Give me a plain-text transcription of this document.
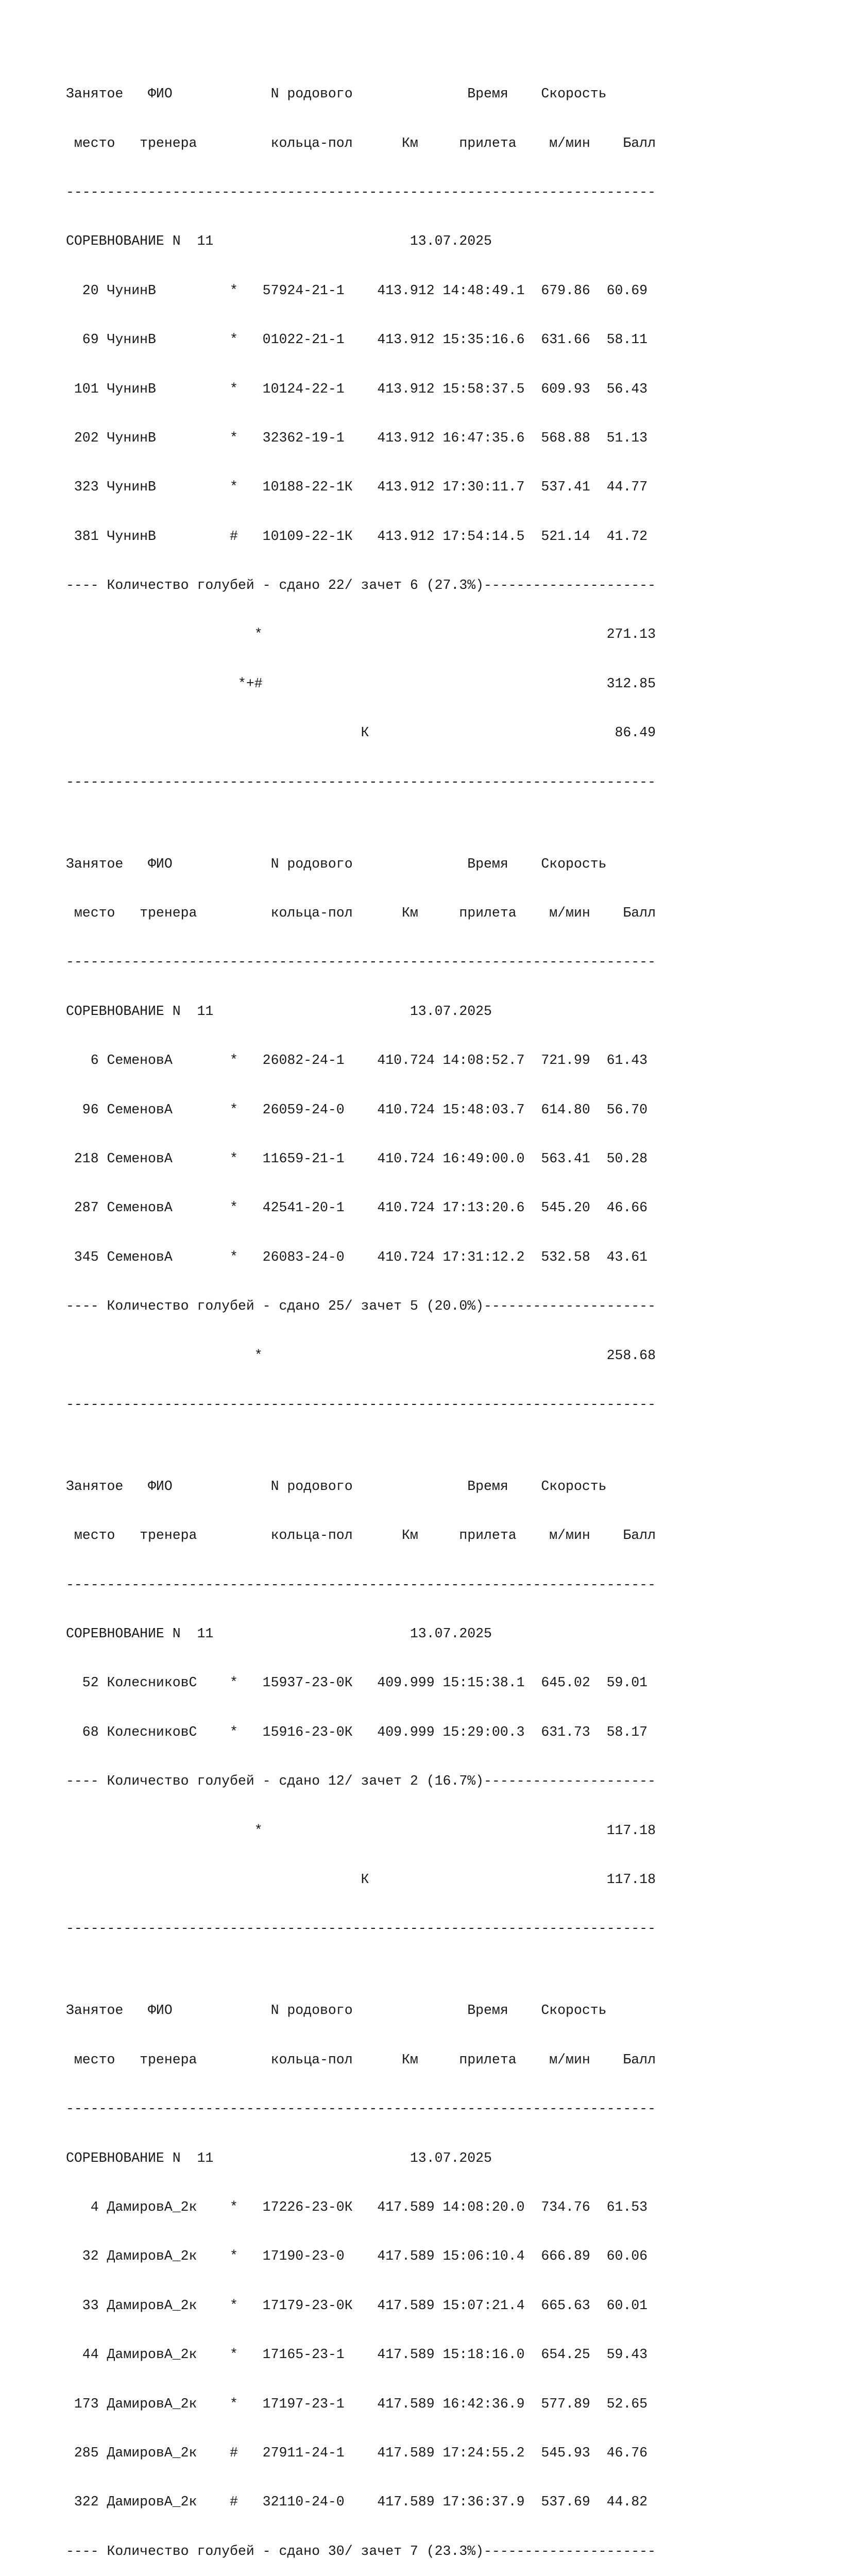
Занятое   ФИО            N родового              Время    Скорость

место   тренера         кольца-пол      Км     прилета    м/мин    Балл

------------------------------------------------------------------------

СОРЕВНОВАНИЕ N  11                        13.07.2025

20 ЧунинВ         *   57924-21-1    413.912 14:48:49.1  679.86  60.69

69 ЧунинВ         *   01022-21-1    413.912 15:35:16.6  631.66  58.11

101 ЧунинВ         *   10124-22-1    413.912 15:58:37.5  609.93  56.43

202 ЧунинВ         *   32362-19-1    413.912 16:47:35.6  568.88  51.13

323 ЧунинВ         *   10188-22-1К   413.912 17:30:11.7  537.41  44.77

381 ЧунинВ         #   10109-22-1К   413.912 17:54:14.5  521.14  41.72

---- Количество голубей - сдано 22/ зачет 6 (27.3%)---------------------

*                                          271.13

*+#                                          312.85

К                              86.49

------------------------------------------------------------------------

Занятое   ФИО            N родового              Время    Скорость

место   тренера         кольца-пол      Км     прилета    м/мин    Балл

------------------------------------------------------------------------

СОРЕВНОВАНИЕ N  11                        13.07.2025

6 СеменовА       *   26082-24-1    410.724 14:08:52.7  721.99  61.43

96 СеменовА       *   26059-24-0    410.724 15:48:03.7  614.80  56.70

218 СеменовА       *   11659-21-1    410.724 16:49:00.0  563.41  50.28

287 СеменовА       *   42541-20-1    410.724 17:13:20.6  545.20  46.66

345 СеменовА       *   26083-24-0    410.724 17:31:12.2  532.58  43.61

---- Количество голубей - сдано 25/ зачет 5 (20.0%)---------------------

*                                          258.68

------------------------------------------------------------------------

Занятое   ФИО            N родового              Время    Скорость

место   тренера         кольца-пол      Км     прилета    м/мин    Балл

------------------------------------------------------------------------

СОРЕВНОВАНИЕ N  11                        13.07.2025

52 КолесниковС    *   15937-23-0К   409.999 15:15:38.1  645.02  59.01

68 КолесниковС    *   15916-23-0К   409.999 15:29:00.3  631.73  58.17

---- Количество голубей - сдано 12/ зачет 2 (16.7%)---------------------

*                                          117.18

К                             117.18

------------------------------------------------------------------------

Занятое   ФИО            N родового              Время    Скорость

место   тренера         кольца-пол      Км     прилета    м/мин    Балл

------------------------------------------------------------------------

СОРЕВНОВАНИЕ N  11                        13.07.2025

4 ДамировА_2к    *   17226-23-0К   417.589 14:08:20.0  734.76  61.53

32 ДамировА_2к    *   17190-23-0    417.589 15:06:10.4  666.89  60.06

33 ДамировА_2к    *   17179-23-0К   417.589 15:07:21.4  665.63  60.01

44 ДамировА_2к    *   17165-23-1    417.589 15:18:16.0  654.25  59.43

173 ДамировА_2к    *   17197-23-1    417.589 16:42:36.9  577.89  52.65

285 ДамировА_2к    #   27911-24-1    417.589 17:24:55.2  545.93  46.76

322 ДамировА_2к    #   32110-24-0    417.589 17:36:37.9  537.69  44.82

---- Количество голубей - сдано 30/ зачет 7 (23.3%)---------------------
